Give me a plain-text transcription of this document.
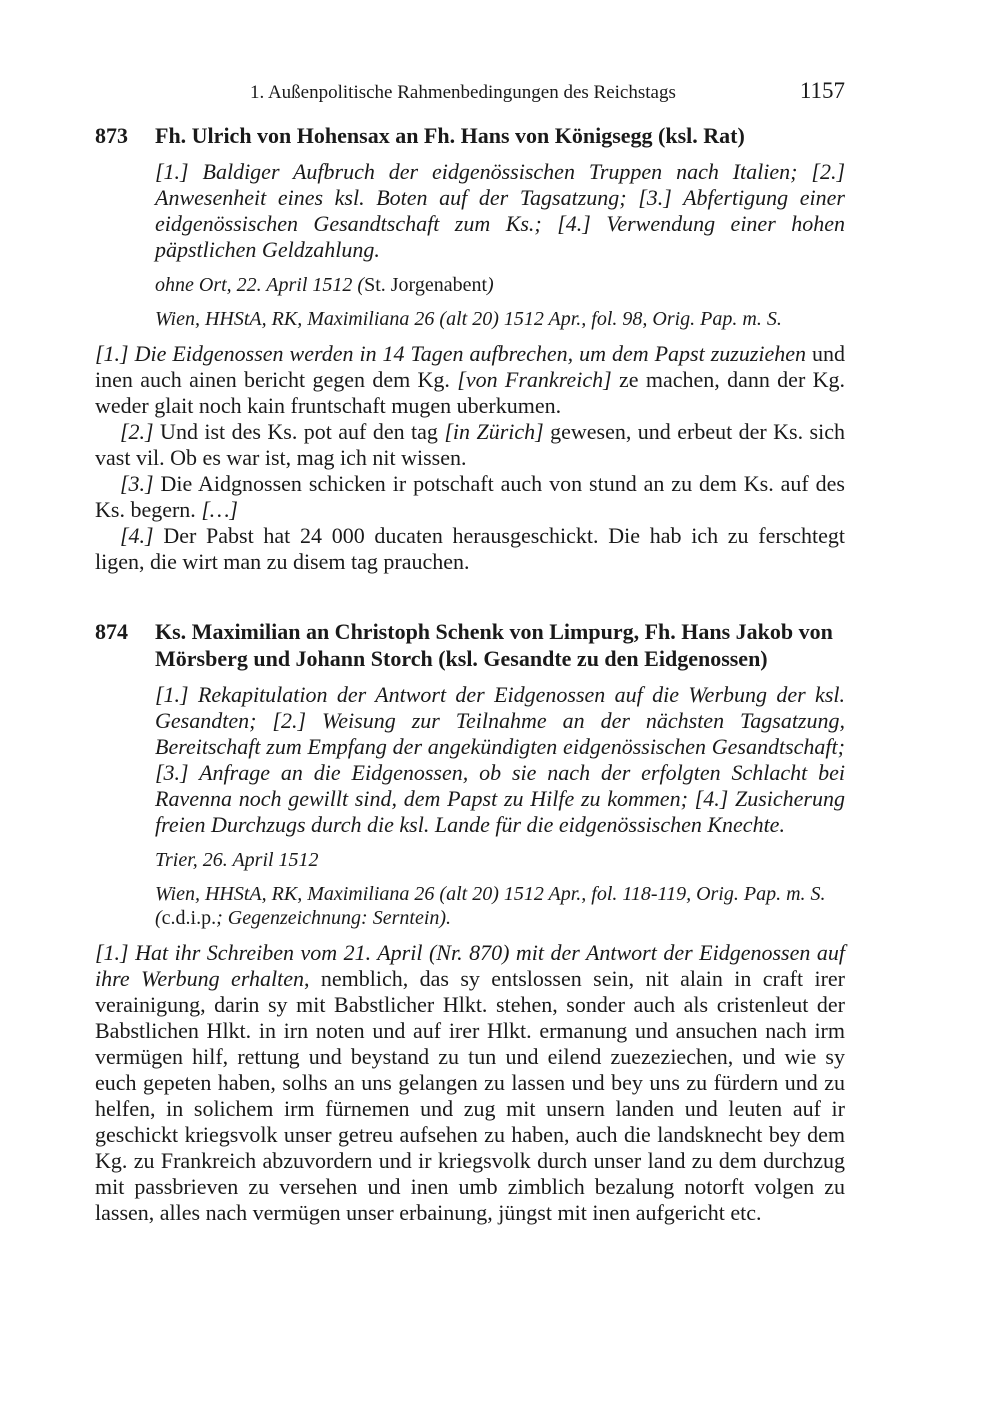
1. Außenpolitische Rahmenbedingungen des Reichstags	1157
873 Fh. Ulrich von Hohensax an Fh. Hans von Königsegg (ksl. Rat)
[1.] Baldiger Aufbruch der eidgenössischen Truppen nach Italien; [2.] Anwesenheit eines ksl. Boten auf der Tagsatzung; [3.] Abfertigung einer eidgenössischen Gesandtschaft zum Ks.; [4.] Verwendung einer hohen päpstlichen Geldzahlung.
ohne Ort, 22. April 1512 (St. Jorgenabent)
Wien, HHStA, RK, Maximiliana 26 (alt 20) 1512 Apr., fol. 98, Orig. Pap. m. S.

[1.] Die Eidgenossen werden in 14 Tagen aufbrechen, um dem Papst zuzuziehen und inen auch ainen bericht gegen dem Kg. [von Frankreich] ze machen, dann der Kg. weder glait noch kain fruntschaft mugen uberkumen.

[2.] Und ist des Ks. pot auf den tag [in Zürich] gewesen, und erbeut der Ks. sich vast vil. Ob es war ist, mag ich nit wissen.

[3.] Die Aidgnossen schicken ir potschaft auch von stund an zu dem Ks. auf des Ks. begern. […]

[4.] Der Pabst hat 24 000 ducaten herausgeschickt. Die hab ich zu ferschtegt ligen, die wirt man zu disem tag prauchen.

874 Ks. Maximilian an Christoph Schenk von Limpurg, Fh. Hans Jakob von Mörsberg und Johann Storch (ksl. Gesandte zu den Eidgenossen)
[1.] Rekapitulation der Antwort der Eidgenossen auf die Werbung der ksl. Gesandten; [2.] Weisung zur Teilnahme an der nächsten Tagsatzung, Bereitschaft zum Empfang der angekündigten eidgenössischen Gesandtschaft; [3.] Anfrage an die Eidgenossen, ob sie nach der erfolgten Schlacht bei Ravenna noch gewillt sind, dem Papst zu Hilfe zu kommen; [4.] Zusicherung freien Durchzugs durch die ksl. Lande für die eidgenössischen Knechte.
Trier, 26. April 1512
Wien, HHStA, RK, Maximiliana 26 (alt 20) 1512 Apr., fol. 118-119, Orig. Pap. m. S. (c.d.i.p.; Gegenzeichnung: Serntein).

[1.] Hat ihr Schreiben vom 21. April (Nr. 870) mit der Antwort der Eidgenossen auf ihre Werbung erhalten, nemblich, das sy entslossen sein, nit alain in craft irer verainigung, darin sy mit Babstlicher Hlkt. stehen, sonder auch als cristenleut der Babstlichen Hlkt. in irn noten und auf irer Hlkt. ermanung und ansuchen nach irm vermügen hilf, rettung und beystand zu tun und eilend zuezeziechen, und wie sy euch gepeten haben, solhs an uns gelangen zu lassen und bey uns zu fürdern und zu helfen, in solichem irm fürnemen und zug mit unsern landen und leuten auf ir geschickt kriegsvolk unser getreu aufsehen zu haben, auch die landsknecht bey dem Kg. zu Frankreich abzuvordern und ir kriegsvolk durch unser land zu dem durchzug mit passbrieven zu versehen und inen umb zimblich bezalung notorft volgen zu lassen, alles nach vermügen unser erbainung, jüngst mit inen aufgericht etc.
